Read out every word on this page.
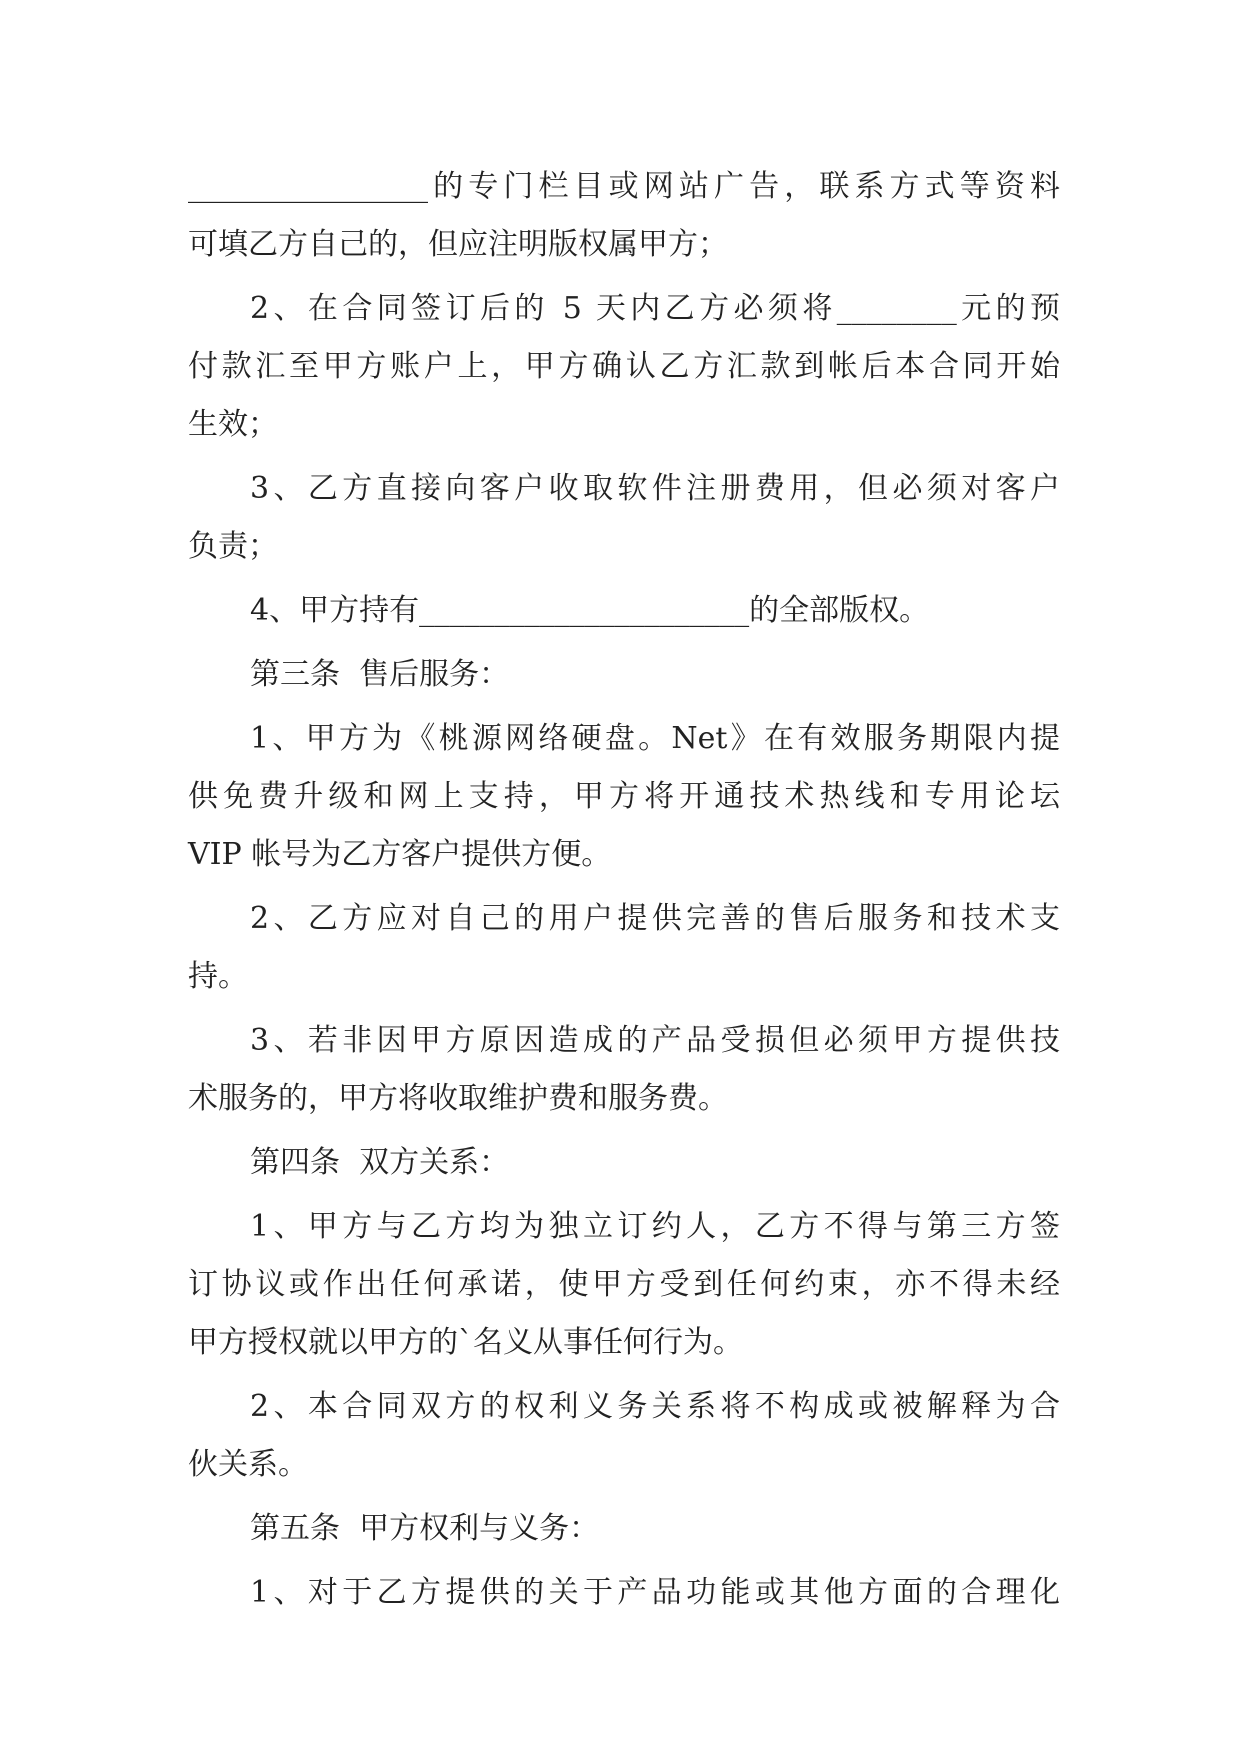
________________的专门栏目或网站广告，联系方式等资料
可填乙方自己的，但应注明版权属甲方；
2、在合同签订后的 5 天内乙方必须将________元的预
付款汇至甲方账户上，甲方确认乙方汇款到帐后本合同开始
生效；
3、乙方直接向客户收取软件注册费用，但必须对客户
负责；
4、甲方持有______________________的全部版权。
第三条  售后服务：
1、甲方为《桃源网络硬盘。Net》在有效服务期限内提
供免费升级和网上支持，甲方将开通技术热线和专用论坛
VIP 帐号为乙方客户提供方便。
2、乙方应对自己的用户提供完善的售后服务和技术支
持。
3、若非因甲方原因造成的产品受损但必须甲方提供技
术服务的，甲方将收取维护费和服务费。
第四条  双方关系：
1、甲方与乙方均为独立订约人，乙方不得与第三方签
订协议或作出任何承诺，使甲方受到任何约束，亦不得未经
甲方授权就以甲方的`名义从事任何行为。
2、本合同双方的权利义务关系将不构成或被解释为合
伙关系。
第五条  甲方权利与义务：
1、对于乙方提供的关于产品功能或其他方面的合理化
